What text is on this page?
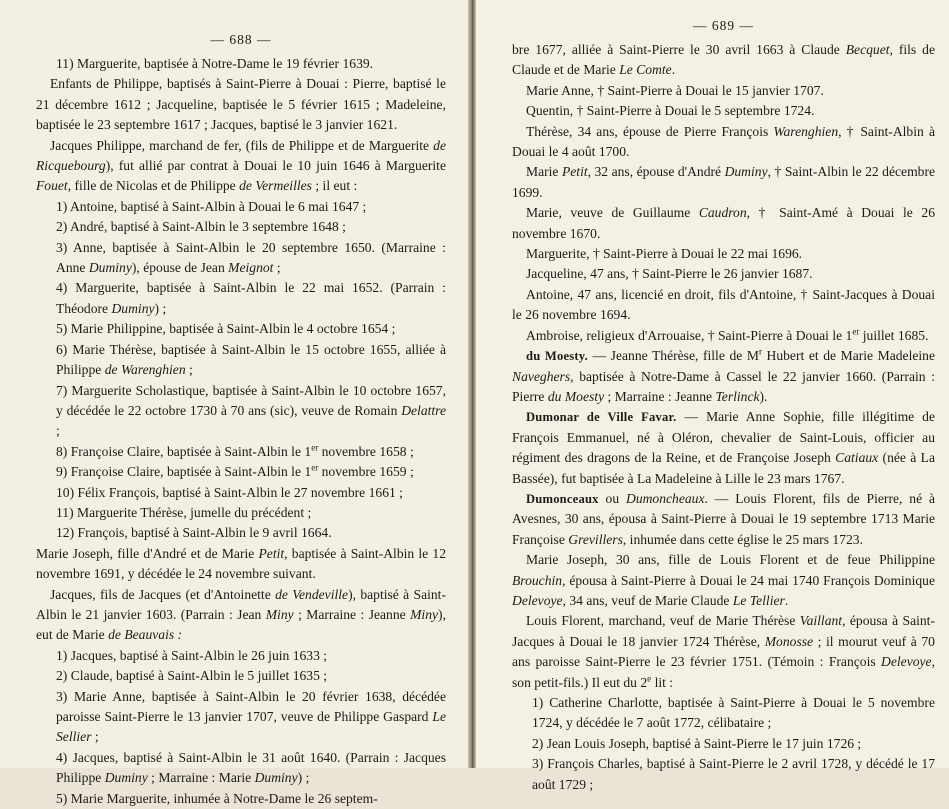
— 688 —

11) Marguerite, baptisée à Notre-Dame le 19 février 1639.

Enfants de Philippe, baptisés à Saint-Pierre à Douai : Pierre, baptisé le 21 décembre 1612 ; Jacqueline, baptisée le 5 février 1615 ; Madeleine, baptisée le 23 septembre 1617 ; Jacques, baptisé le 3 janvier 1621.

Jacques Philippe, marchand de fer, (fils de Philippe et de Marguerite de Ricquebourg), fut allié par contrat à Douai le 10 juin 1646 à Marguerite Fouet, fille de Nicolas et de Philippe de Vermeilles ; il eut :

1) Antoine, baptisé à Saint-Albin à Douai le 6 mai 1647 ;

2) André, baptisé à Saint-Albin le 3 septembre 1648 ;

3) Anne, baptisée à Saint-Albin le 20 septembre 1650. (Marraine : Anne Duminy), épouse de Jean Meignot ;

4) Marguerite, baptisée à Saint-Albin le 22 mai 1652. (Parrain : Théodore Duminy) ;

5) Marie Philippine, baptisée à Saint-Albin le 4 octobre 1654 ;

6) Marie Thérèse, baptisée à Saint-Albin le 15 octobre 1655, alliée à Philippe de Warenghien ;

7) Marguerite Scholastique, baptisée à Saint-Albin le 10 octobre 1657, y décédée le 22 octobre 1730 à 70 ans (sic), veuve de Romain Delattre ;

8) Françoise Claire, baptisée à Saint-Albin le 1er novembre 1658 ;

9) Françoise Claire, baptisée à Saint-Albin le 1er novembre 1659 ;

10) Félix François, baptisé à Saint-Albin le 27 novembre 1661 ;

11) Marguerite Thérèse, jumelle du précédent ;

12) François, baptisé à Saint-Albin le 9 avril 1664.

Marie Joseph, fille d'André et de Marie Petit, baptisée à Saint-Albin le 12 novembre 1691, y décédée le 24 novembre suivant.

Jacques, fils de Jacques (et d'Antoinette de Vendeville), baptisé à Saint-Albin le 21 janvier 1603. (Parrain : Jean Miny ; Marraine : Jeanne Miny), eut de Marie de Beauvais :

1) Jacques, baptisé à Saint-Albin le 26 juin 1633 ;

2) Claude, baptisé à Saint-Albin le 5 juillet 1635 ;

3) Marie Anne, baptisée à Saint-Albin le 20 février 1638, décédée paroisse Saint-Pierre le 13 janvier 1707, veuve de Philippe Gaspard Le Sellier ;

4) Jacques, baptisé à Saint-Albin le 31 août 1640. (Parrain : Jacques Philippe Duminy ; Marraine : Marie Duminy) ;

5) Marie Marguerite, inhumée à Notre-Dame le 26 septem-

— 689 —

bre 1677, alliée à Saint-Pierre le 30 avril 1663 à Claude Becquet, fils de Claude et de Marie Le Comte.

Marie Anne, † Saint-Pierre à Douai le 15 janvier 1707.

Quentin, † Saint-Pierre à Douai le 5 septembre 1724.

Thérèse, 34 ans, épouse de Pierre François Warenghien, † Saint-Albin à Douai le 4 août 1700.

Marie Petit, 32 ans, épouse d'André Duminy, † Saint-Albin le 22 décembre 1699.

Marie, veuve de Guillaume Caudron, † Saint-Amé à Douai le 26 novembre 1670.

Marguerite, † Saint-Pierre à Douai le 22 mai 1696.

Jacqueline, 47 ans, † Saint-Pierre le 26 janvier 1687.

Antoine, 47 ans, licencié en droit, fils d'Antoine, † Saint-Jacques à Douai le 26 novembre 1694.

Ambroise, religieux d'Arrouaise, † Saint-Pierre à Douai le 1er juillet 1685.

du Moesty. — Jeanne Thérèse, fille de $M^r$ Hubert et de Marie Madeleine Naveghers, baptisée à Notre-Dame à Cassel le 22 janvier 1660. (Parrain : Pierre du Moesty ; Marraine : Jeanne Terlinck).

Dumonar de Ville Favar. — Marie Anne Sophie, fille illégitime de François Emmanuel, né à Oléron, chevalier de Saint-Louis, officier au régiment des dragons de la Reine, et de Françoise Joseph Catiaux (née à La Bassée), fut baptisée à La Madeleine à Lille le 23 mars 1767.

Dumonceaux ou Dumoncheaux. — Louis Florent, fils de Pierre, né à Avesnes, 30 ans, épousa à Saint-Pierre à Douai le 19 septembre 1713 Marie Françoise Grevillers, inhumée dans cette église le 25 mars 1723.

Marie Joseph, 30 ans, fille de Louis Florent et de feue Philippine Brouchin, épousa à Saint-Pierre à Douai le 24 mai 1740 François Dominique Delevoye, 34 ans, veuf de Marie Claude Le Tellier.

Louis Florent, marchand, veuf de Marie Thérèse Vaillant, épousa à Saint-Jacques à Douai le 18 janvier 1724 Thérèse, Monosse ; il mourut veuf à 70 ans paroisse Saint-Pierre le 23 février 1751. (Témoin : François Delevoye, son petit-fils.) Il eut du 2e lit :

1) Catherine Charlotte, baptisée à Saint-Pierre à Douai le 5 novembre 1724, y décédée le 7 août 1772, célibataire ;

2) Jean Louis Joseph, baptisé à Saint-Pierre le 17 juin 1726 ;

3) François Charles, baptisé à Saint-Pierre le 2 avril 1728, y décédé le 17 août 1729 ;
